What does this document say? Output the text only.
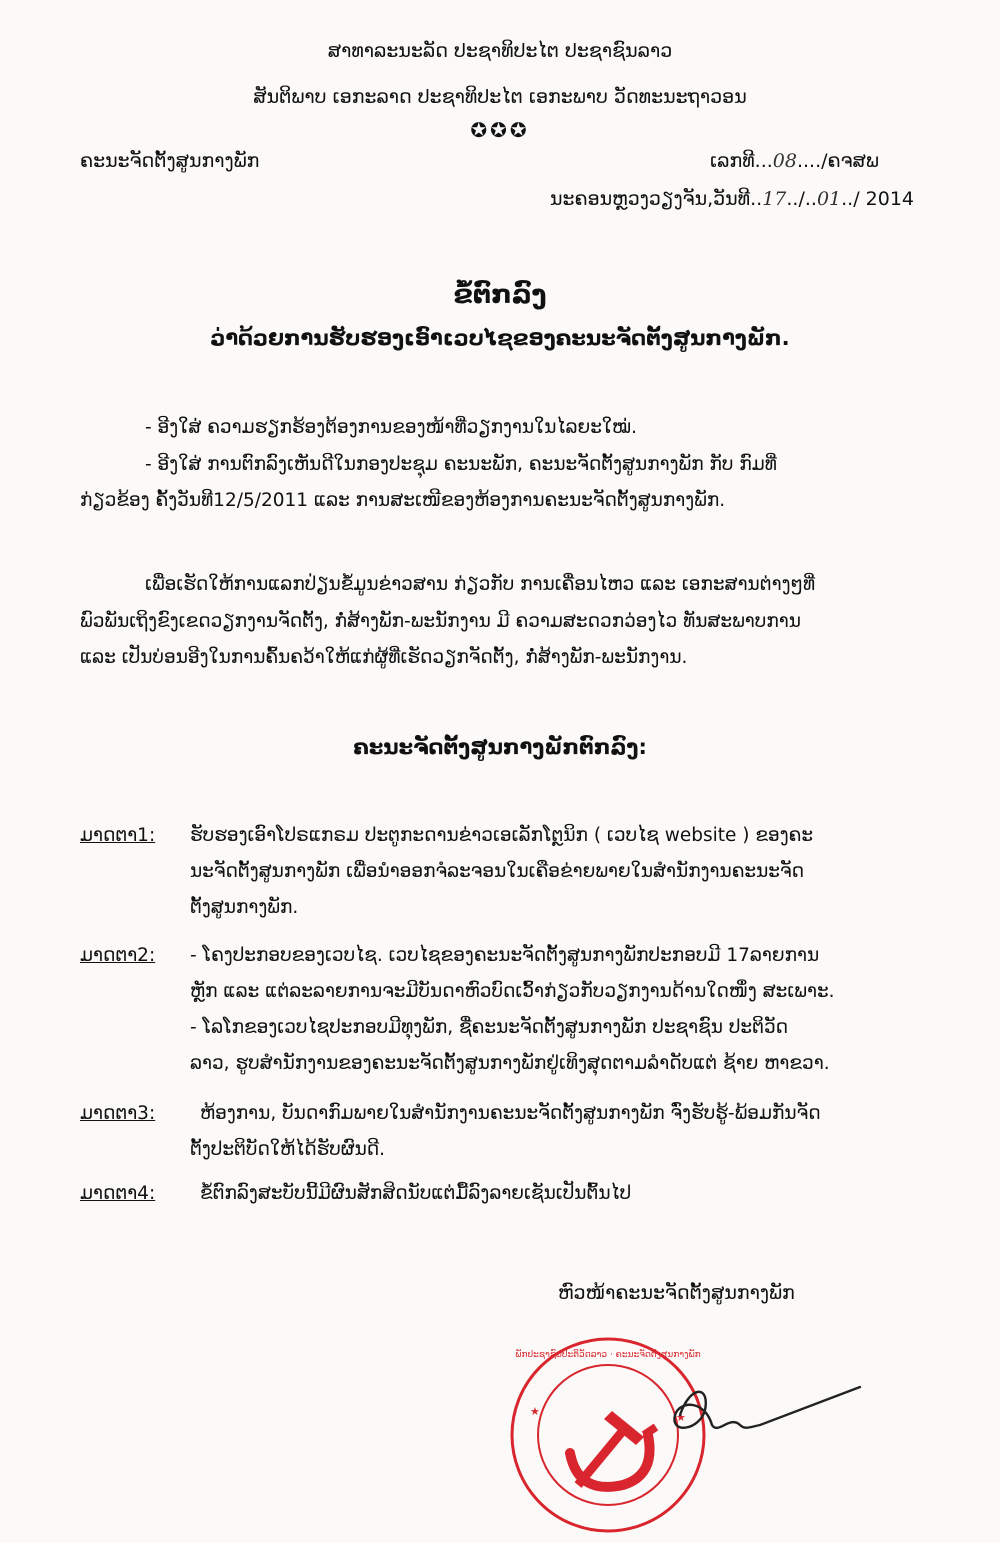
ສາທາລະນະລັດ ປະຊາທິປະໄຕ ປະຊາຊົນລາວ
ສັນຕິພາບ ເອກະລາດ ປະຊາທິປະໄຕ ເອກະພາບ ວັດທະນະຖາວອນ
✪✪✪
ຄະນະຈັດຕັ້ງສູນກາງພັກ	ເລກທີ...08..../ຄຈສພ
ນະຄອນຫຼວງວຽງຈັນ,ວັນທີ..17../..01../ 2014
ຂໍ້ຕົກລົງ
ວ່າດ້ວຍການຮັບຮອງເອົາເວບໄຊຂອງຄະນະຈັດຕັ້ງສູນກາງພັກ.

- ອີງໃສ່ ຄວາມຮຽກຮ້ອງຕ້ອງການຂອງໜ້າທີ່ວຽກງານໃນໄລຍະໃໝ່.

- ອີງໃສ່ ການຕົກລົງເຫັນດີໃນກອງປະຊຸມ ຄະນະພັກ, ຄະນະຈັດຕັ້ງສູນກາງພັກ ກັບ ກົມທີ່

ກ່ຽວຂ້ອງ ຄັ້ງວັນທີ12/5/2011 ແລະ ການສະເໜີຂອງຫ້ອງການຄະນະຈັດຕັ້ງສູນກາງພັກ.

ເພື່ອເຮັດໃຫ້ການແລກປ່ຽນຂໍ້ມູນຂ່າວສານ ກ່ຽວກັບ ການເຄື່ອນໄຫວ ແລະ ເອກະສານຕ່າງໆທີ່

ພົວພັນເຖິງຂົງເຂດວຽກງານຈັດຕັ້ງ, ກໍ່ສ້າງພັກ-ພະນັກງານ ມີ ຄວາມສະດວກວ່ອງໄວ ທັນສະພາບການ

ແລະ ເປັນບ່ອນອີງໃນການຄົ້ນຄວ້າໃຫ້ແກ່ຜູ້ທີ່ເຮັດວຽກຈັດຕັ້ງ, ກໍ່ສ້າງພັກ-ພະນັກງານ.

ຄະນະຈັດຕັ້ງສູນກາງພັກຕົກລົງ:
ມາດຕາ1: ຮັບຮອງເອົາໂປຣແກຣມ ປະຕູກະດານຂ່າວເອເລັກໂຕຼນິກ ( ເວບໄຊ website ) ຂອງຄະ

ນະຈັດຕັ້ງສູນກາງພັກ ເພື່ອນໍາອອກຈໍລະຈອນໃນເຄືອຂ່າຍພາຍໃນສໍານັກງານຄະນະຈັດ

ຕັ້ງສູນກາງພັກ.

ມາດຕາ2: - ໂຄງປະກອບຂອງເວບໄຊ. ເວບໄຊຂອງຄະນະຈັດຕັ້ງສູນກາງພັກປະກອບມີ 17ລາຍການ

ຫຼັກ ແລະ ແຕ່ລະລາຍການຈະມີບັນດາຫົວບົດເວົ້າກ່ຽວກັບວຽກງານດ້ານໃດໜຶ່ງ ສະເພາະ.

- ໂລໂກຂອງເວບໄຊປະກອບມີທຸງພັກ, ຊື່ຄະນະຈັດຕັ້ງສູນກາງພັກ ປະຊາຊົນ ປະຕິວັດ

ລາວ, ຮູບສໍານັກງານຂອງຄະນະຈັດຕັ້ງສູນກາງພັກຢູ່ເທິງສຸດຕາມລໍາດັບແຕ່ ຊ້າຍ ຫາຂວາ.

ມາດຕາ3: ຫ້ອງການ, ບັນດາກົມພາຍໃນສໍານັກງານຄະນະຈັດຕັ້ງສູນກາງພັກ ຈົ່ງຮັບຮູ້-ພ້ອມກັນຈັດ

ຕັ້ງປະຕິບັດໃຫ້ໄດ້ຮັບຜົນດີ.

ມາດຕາ4: ຂໍ້ຕົກລົງສະບັບນີ້ມີຜົນສັກສິດນັບແຕ່ມື້ລົງລາຍເຊັນເປັນຕົ້ນໄປ

ຫົວໜ້າຄະນະຈັດຕັ້ງສູນກາງພັກ
★	★
ພັກປະຊາຊົນປະຕິວັດລາວ · ຄະນະຈັດຕັ້ງສູນກາງພັກ
